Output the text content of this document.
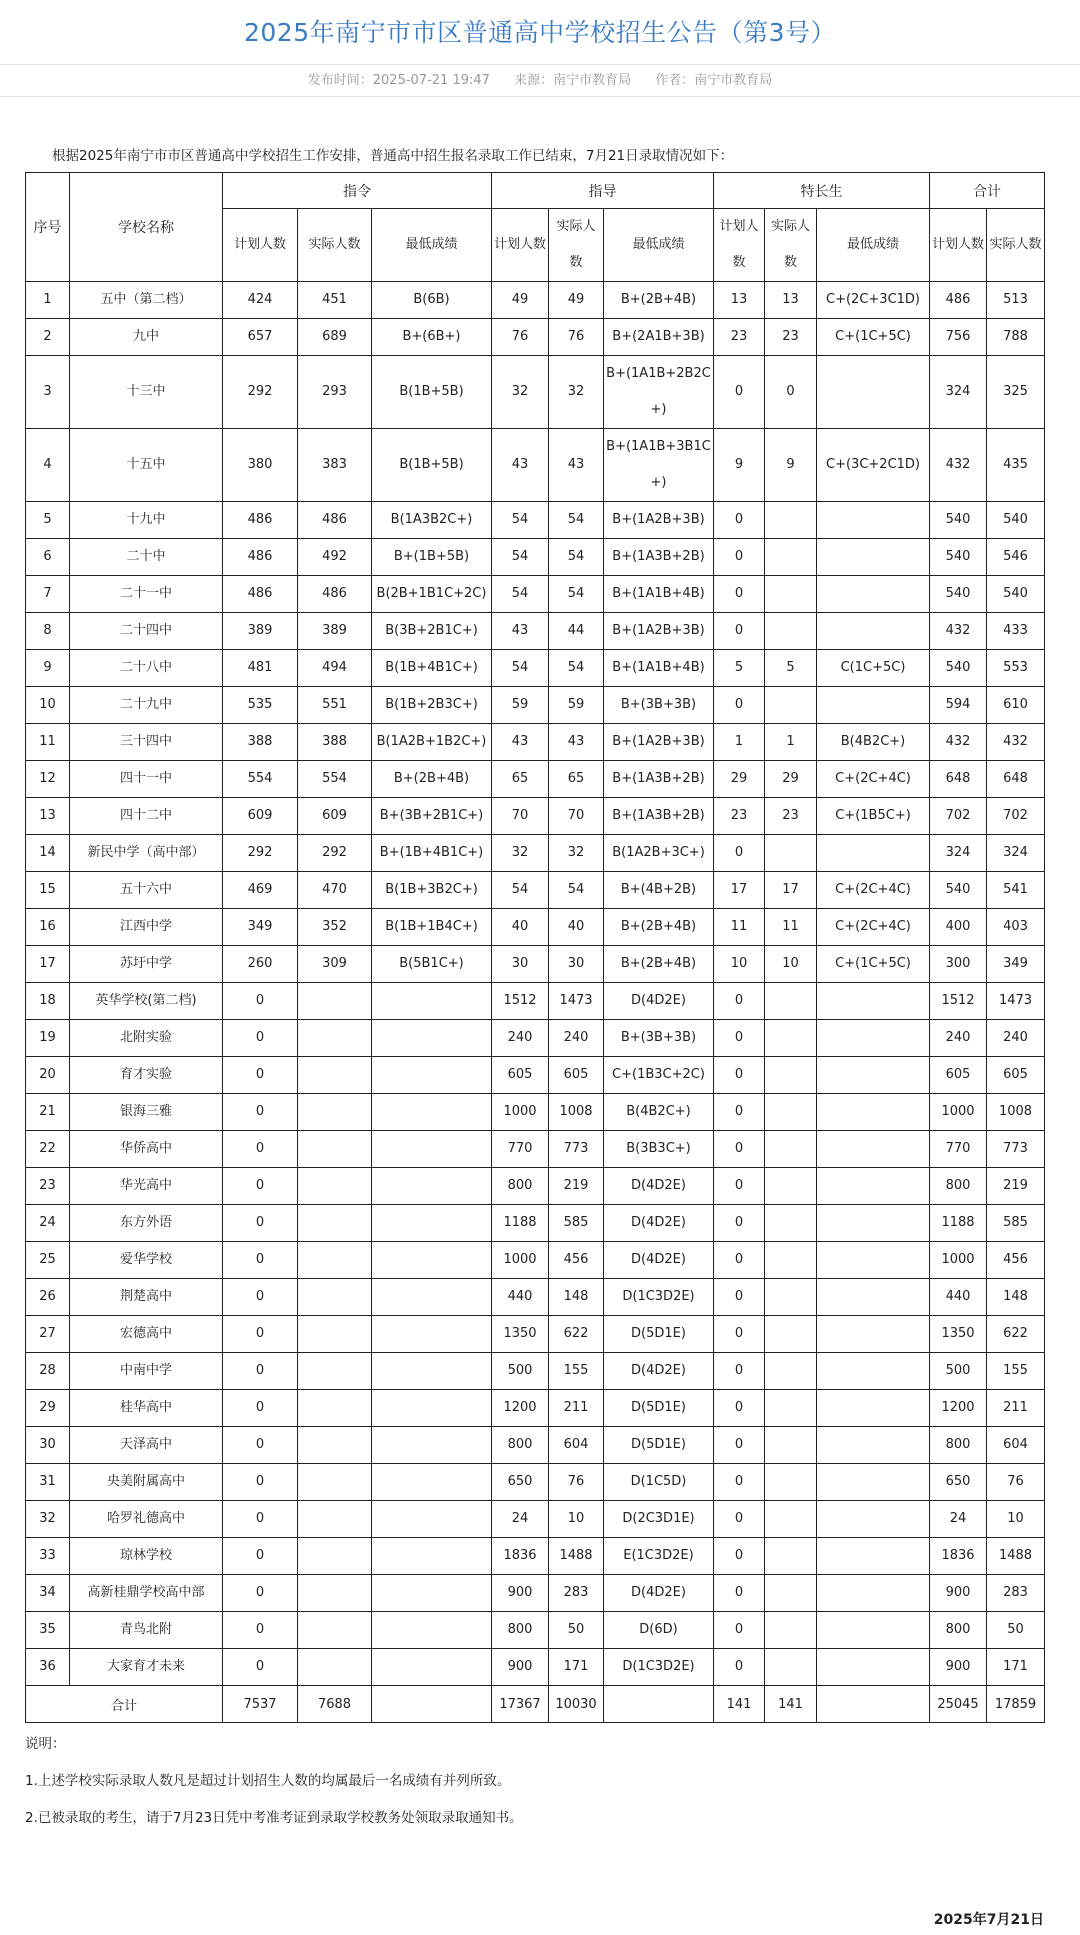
2025年南宁市市区普通高中学校招生公告（第3号）
发布时间：2025-07-21 19:47 来源：南宁市教育局 作者：南宁市教育局

根据2025年南宁市市区普通高中学校招生工作安排，普通高中招生报名录取工作已结束，7月21日录取情况如下：

序号	学校名称	指令			指导			特长生			合计	
		计划人数	实际人数	最低成绩	计划人数	实际人数	最低成绩	计划人数	实际人数	最低成绩	计划人数	实际人数
1	五中（第二档）	424	451	B(6B)	49	49	B+(2B+4B)	13	13	C+(2C+3C1D)	486	513
2	九中	657	689	B+(6B+)	76	76	B+(2A1B+3B)	23	23	C+(1C+5C)	756	788
3	十三中	292	293	B(1B+5B)	32	32	B+(1A1B+2B2C+)	0	0		324	325
4	十五中	380	383	B(1B+5B)	43	43	B+(1A1B+3B1C+)	9	9	C+(3C+2C1D)	432	435
5	十九中	486	486	B(1A3B2C+)	54	54	B+(1A2B+3B)	0			540	540
6	二十中	486	492	B+(1B+5B)	54	54	B+(1A3B+2B)	0			540	546
7	二十一中	486	486	B(2B+1B1C+2C)	54	54	B+(1A1B+4B)	0			540	540
8	二十四中	389	389	B(3B+2B1C+)	43	44	B+(1A2B+3B)	0			432	433
9	二十八中	481	494	B(1B+4B1C+)	54	54	B+(1A1B+4B)	5	5	C(1C+5C)	540	553
10	二十九中	535	551	B(1B+2B3C+)	59	59	B+(3B+3B)	0			594	610
11	三十四中	388	388	B(1A2B+1B2C+)	43	43	B+(1A2B+3B)	1	1	B(4B2C+)	432	432
12	四十一中	554	554	B+(2B+4B)	65	65	B+(1A3B+2B)	29	29	C+(2C+4C)	648	648
13	四十二中	609	609	B+(3B+2B1C+)	70	70	B+(1A3B+2B)	23	23	C+(1B5C+)	702	702
14	新民中学（高中部）	292	292	B+(1B+4B1C+)	32	32	B(1A2B+3C+)	0			324	324
15	五十六中	469	470	B(1B+3B2C+)	54	54	B+(4B+2B)	17	17	C+(2C+4C)	540	541
16	江西中学	349	352	B(1B+1B4C+)	40	40	B+(2B+4B)	11	11	C+(2C+4C)	400	403
17	苏圩中学	260	309	B(5B1C+)	30	30	B+(2B+4B)	10	10	C+(1C+5C)	300	349
18	英华学校(第二档)	0			1512	1473	D(4D2E)	0			1512	1473
19	北附实验	0			240	240	B+(3B+3B)	0			240	240
20	育才实验	0			605	605	C+(1B3C+2C)	0			605	605
21	银海三雅	0			1000	1008	B(4B2C+)	0			1000	1008
22	华侨高中	0			770	773	B(3B3C+)	0			770	773
23	华光高中	0			800	219	D(4D2E)	0			800	219
24	东方外语	0			1188	585	D(4D2E)	0			1188	585
25	爱华学校	0			1000	456	D(4D2E)	0			1000	456
26	荆楚高中	0			440	148	D(1C3D2E)	0			440	148
27	宏德高中	0			1350	622	D(5D1E)	0			1350	622
28	中南中学	0			500	155	D(4D2E)	0			500	155
29	桂华高中	0			1200	211	D(5D1E)	0			1200	211
30	天泽高中	0			800	604	D(5D1E)	0			800	604
31	央美附属高中	0			650	76	D(1C5D)	0			650	76
32	哈罗礼德高中	0			24	10	D(2C3D1E)	0			24	10
33	琼林学校	0			1836	1488	E(1C3D2E)	0			1836	1488
34	高新桂鼎学校高中部	0			900	283	D(4D2E)	0			900	283
35	青鸟北附	0			800	50	D(6D)	0			800	50
36	大家育才未来	0			900	171	D(1C3D2E)	0			900	171
合计		7537	7688		17367	10030		141	141		25045	17859
说明：
1.上述学校实际录取人数凡是超过计划招生人数的均属最后一名成绩有并列所致。
2.已被录取的考生，请于7月23日凭中考准考证到录取学校教务处领取录取通知书。
2025年7月21日
